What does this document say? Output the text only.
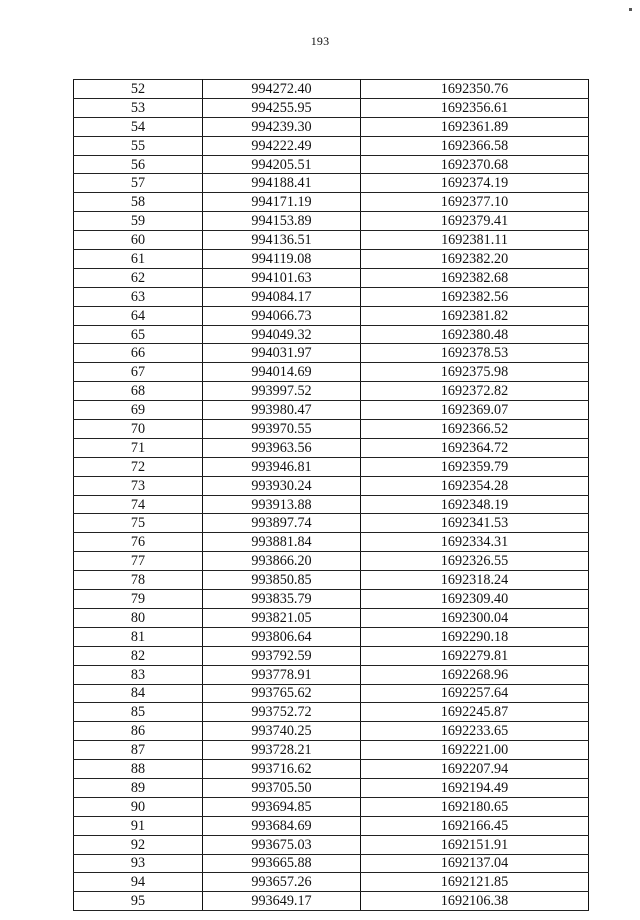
193
52	994272.40	1692350.76
53	994255.95	1692356.61
54	994239.30	1692361.89
55	994222.49	1692366.58
56	994205.51	1692370.68
57	994188.41	1692374.19
58	994171.19	1692377.10
59	994153.89	1692379.41
60	994136.51	1692381.11
61	994119.08	1692382.20
62	994101.63	1692382.68
63	994084.17	1692382.56
64	994066.73	1692381.82
65	994049.32	1692380.48
66	994031.97	1692378.53
67	994014.69	1692375.98
68	993997.52	1692372.82
69	993980.47	1692369.07
70	993970.55	1692366.52
71	993963.56	1692364.72
72	993946.81	1692359.79
73	993930.24	1692354.28
74	993913.88	1692348.19
75	993897.74	1692341.53
76	993881.84	1692334.31
77	993866.20	1692326.55
78	993850.85	1692318.24
79	993835.79	1692309.40
80	993821.05	1692300.04
81	993806.64	1692290.18
82	993792.59	1692279.81
83	993778.91	1692268.96
84	993765.62	1692257.64
85	993752.72	1692245.87
86	993740.25	1692233.65
87	993728.21	1692221.00
88	993716.62	1692207.94
89	993705.50	1692194.49
90	993694.85	1692180.65
91	993684.69	1692166.45
92	993675.03	1692151.91
93	993665.88	1692137.04
94	993657.26	1692121.85
95	993649.17	1692106.38
